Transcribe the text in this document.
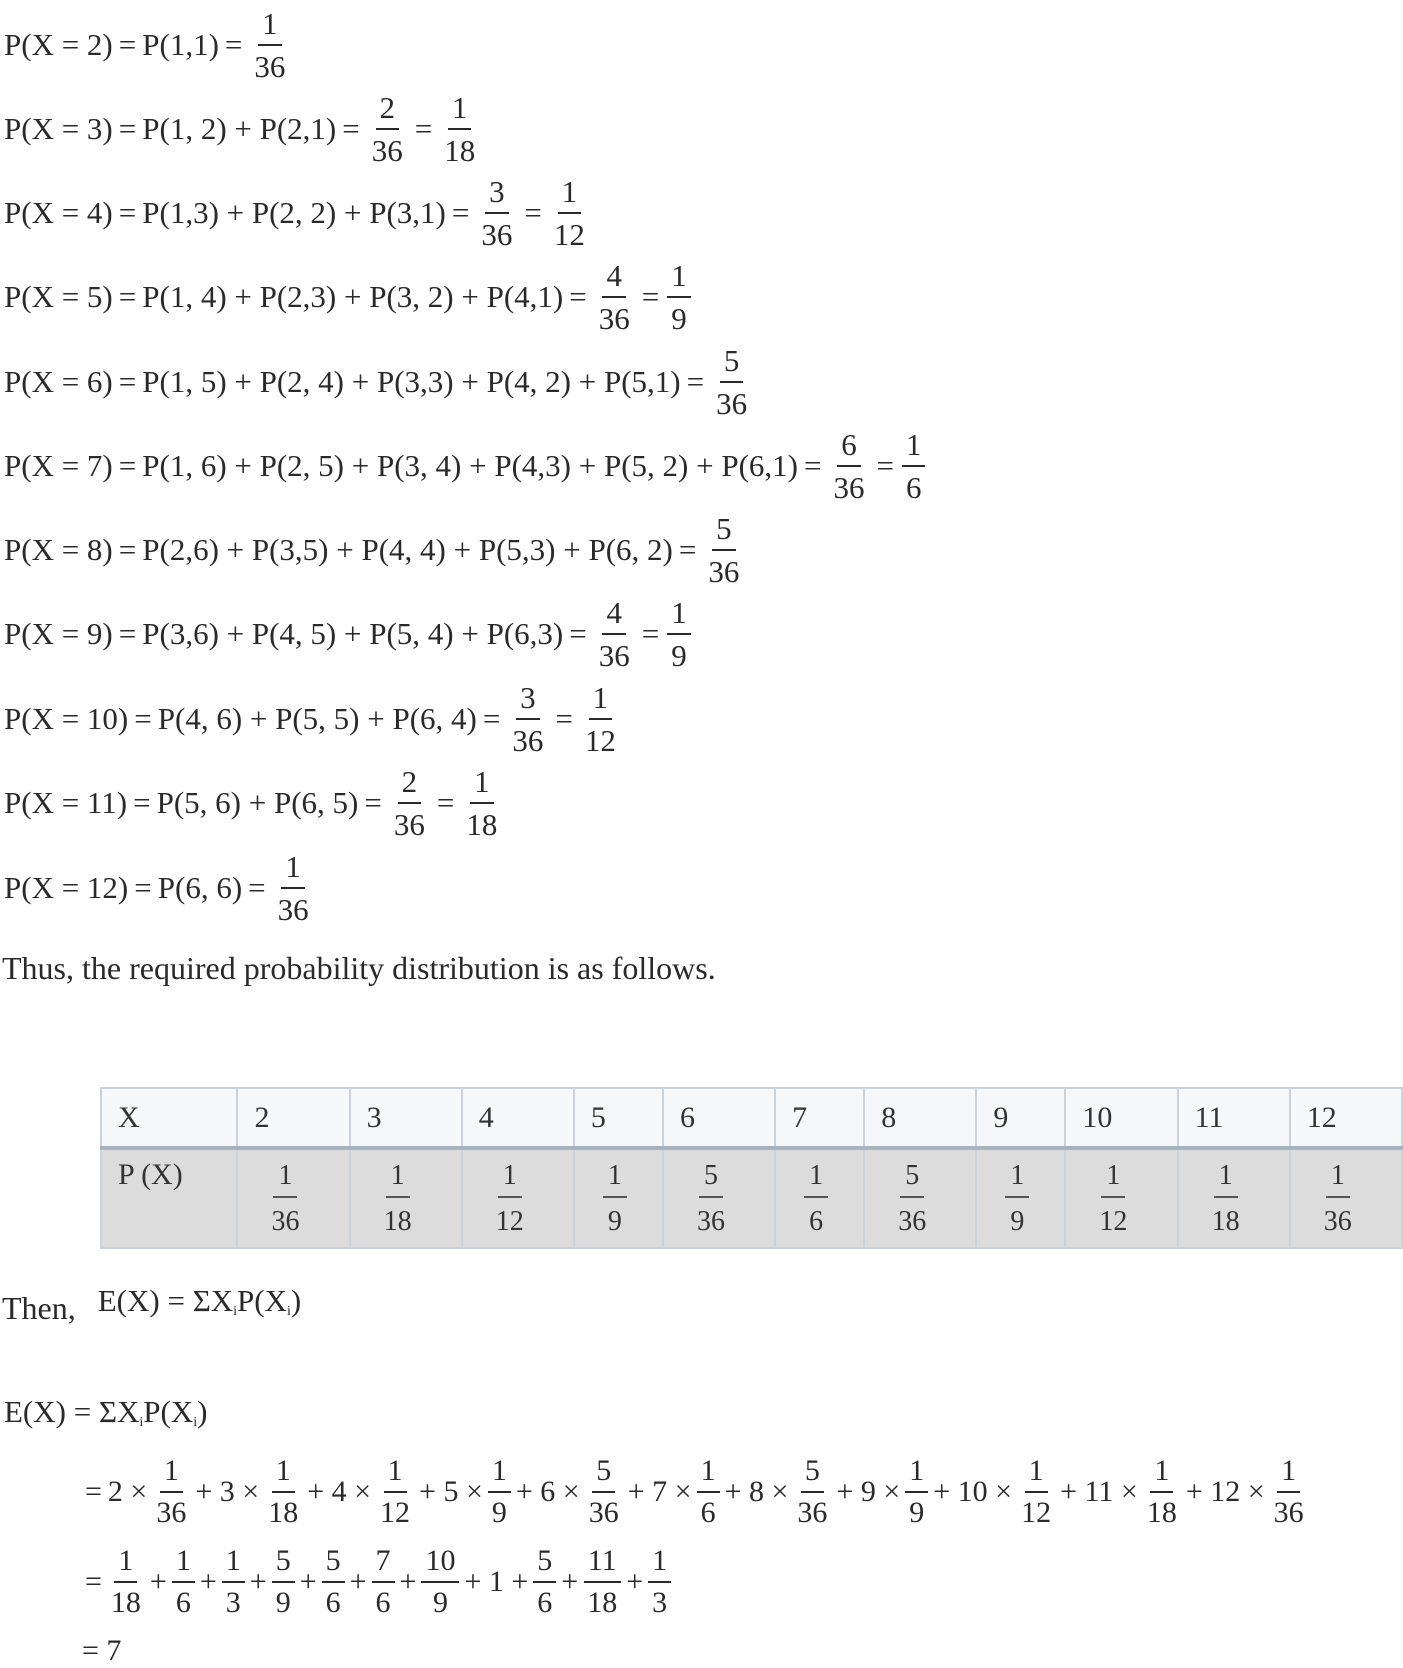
$P(X = 2) = P(1,1) = \frac{1}{36}$
P(X = 3) = P(1, $2) + P(2,1) = \frac{2}{36} = \frac{1}{18}$
P(X = 4) = P(1,3) + P(2, $2) + P(3,1) = \frac{3}{36} = \frac{1}{12}$
P(X = 5) = P(1, 4) + P(2,3) + P(3, $2) + P(4,1) = \frac{4}{36} = \frac{1}{9}$
P(X = 6) = P(1, 5) + P(2, 4) + P(3,3) + P(4, $2) + P(5,1) = \frac{5}{36}$
P(X = 7) = P(1, 6) + P(2, 5) + P(3, 4) + P(4,3) + P(5, $2) + P(6,1) = \frac{6}{36} = \frac{1}{6}$
P(X = 8) = P(2,6) + P(3,5) + P(4, 4) + P(5,3) + P(6, $2) = \frac{5}{36}$
P(X = 9) = P(3,6) + P(4, 5) + P(5, $4) + P(6,3) = \frac{4}{36} = \frac{1}{9}$
P(X = 10) = P(4, 6) + P(5, 5) + P(6, $4) = \frac{3}{36} = \frac{1}{12}$
P(X = 11) = P(5, 6) + P(6, $5) = \frac{2}{36} = \frac{1}{18}$
P(X = 12) = P(6, $6) = \frac{1}{36}$
Thus, the required probability distribution is as follows.
X	2	3	4	5	6	7	8	9	10	11	12
P (X)	$\frac{1}{36}$	$\frac{1}{18}$	$\frac{1}{12}$	$\frac{1}{9}$	$\frac{5}{36}$	$\frac{1}{6}$	$\frac{5}{36}$	$\frac{1}{9}$	$\frac{1}{12}$	$\frac{1}{18}$	$\frac{1}{36}$
Then, $E(X) = \Sigma X_iP(X_i)$
$E(X) = \Sigma X_iP(X_i)$
= $2 \times \frac{1}{36} + 3 \times \frac{1}{18} + 4 \times \frac{1}{12} + 5 \times \frac{1}{9} + 6 \times \frac{5}{36} + 7 \times \frac{1}{6} + 8 \times \frac{5}{36} + 9 \times \frac{1}{9} + 10 \times \frac{1}{12} + 11 \times \frac{1}{18} + 12 \times \frac{1}{36}$
= $\frac{1}{18} + \frac{1}{6} + \frac{1}{3} + \frac{5}{9} + \frac{5}{6} + \frac{7}{6} + \frac{10}{9} + 1 + \frac{5}{6} + \frac{11}{18} + \frac{1}{3}$
= 7
